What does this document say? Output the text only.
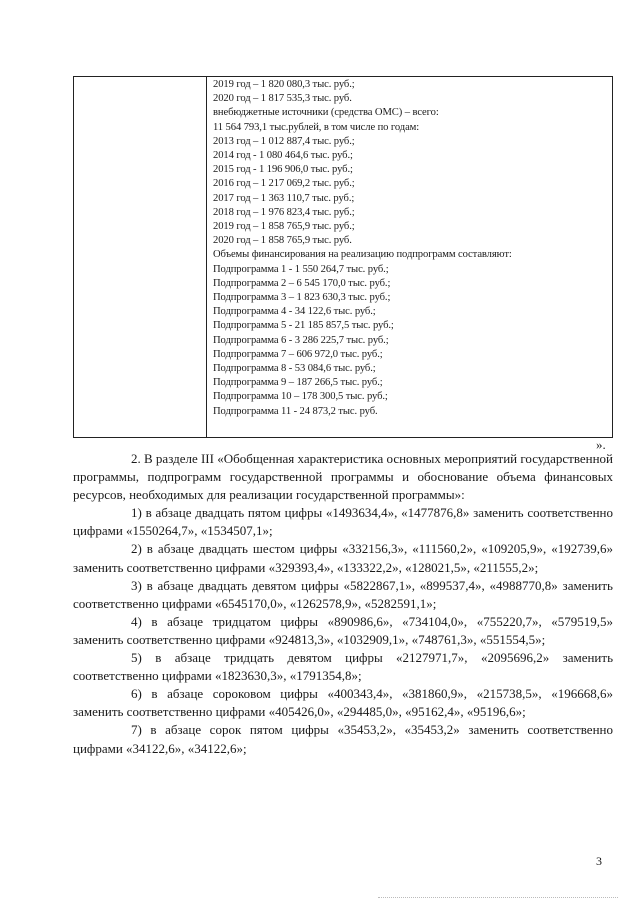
2019 год – 1 820 080,3 тыс. руб.;
2020 год – 1 817 535,3 тыс. руб.
внебюджетные источники (средства ОМС) – всего:
11 564 793,1 тыс.рублей, в том числе по годам:
2013 год – 1 012 887,4 тыс. руб.;
2014 год - 1 080 464,6 тыс. руб.;
2015 год - 1 196 906,0 тыс. руб.;
2016 год – 1 217 069,2 тыс. руб.;
2017 год – 1 363 110,7 тыс. руб.;
2018 год – 1 976 823,4 тыс. руб.;
2019 год – 1 858 765,9 тыс. руб.;
2020 год – 1 858 765,9 тыс. руб.
Объемы финансирования на реализацию подпрограмм составляют:
Подпрограмма 1 - 1 550 264,7 тыс. руб.;
Подпрограмма 2 – 6 545 170,0 тыс. руб.;
Подпрограмма 3 – 1 823 630,3 тыс. руб.;
Подпрограмма 4 - 34 122,6 тыс. руб.;
Подпрограмма 5 - 21 185 857,5 тыс. руб.;
Подпрограмма 6 - 3 286 225,7 тыс. руб.;
Подпрограмма 7 – 606 972,0 тыс. руб.;
Подпрограмма 8 - 53 084,6 тыс. руб.;
Подпрограмма 9 – 187 266,5 тыс. руб.;
Подпрограмма 10 – 178 300,5 тыс. руб.;
Подпрограмма 11 - 24 873,2 тыс. руб.
».

2. В разделе III «Обобщенная характеристика основных мероприятий государственной программы, подпрограмм государственной программы и обоснование объема финансовых ресурсов, необходимых для реализации государственной программы»:

1) в абзаце двадцать пятом цифры «1493634,4», «1477876,8» заменить соответственно цифрами «1550264,7», «1534507,1»;

2) в абзаце двадцать шестом цифры «332156,3», «111560,2», «109205,9», «192739,6» заменить соответственно цифрами «329393,4», «133322,2», «128021,5», «211555,2»;

3) в абзаце двадцать девятом цифры «5822867,1», «899537,4», «4988770,8» заменить соответственно цифрами «6545170,0», «1262578,9», «5282591,1»;

4) в абзаце тридцатом цифры «890986,6», «734104,0», «755220,7», «579519,5» заменить соответственно цифрами «924813,3», «1032909,1», «748761,3», «551554,5»;

5) в абзаце тридцать девятом цифры «2127971,7», «2095696,2» заменить соответственно цифрами «1823630,3», «1791354,8»;

6) в абзаце сороковом цифры «400343,4», «381860,9», «215738,5», «196668,6» заменить соответственно цифрами «405426,0», «294485,0», «95162,4», «95196,6»;

7) в абзаце сорок пятом цифры «35453,2», «35453,2» заменить соответственно цифрами «34122,6», «34122,6»;

3
